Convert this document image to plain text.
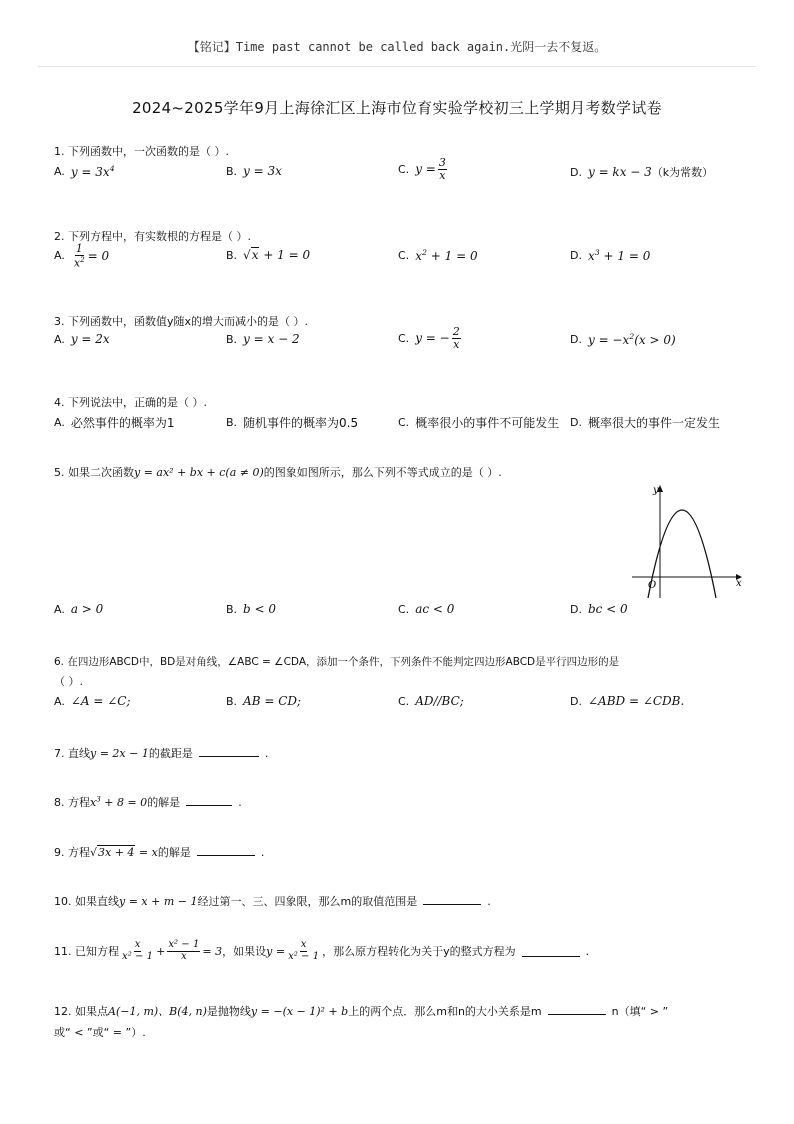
【铭记】Time past cannot be called back again.光阴一去不复返。
2024~2025学年9月上海徐汇区上海市位育实验学校初三上学期月考数学试卷
1. 下列函数中，一次函数的是（ ）.
A. $y = 3x^4$	B. y = 3x	C. $y = \frac{3}{x}$	D. y = kx − 3 （k为常数）
2. 下列方程中，有实数根的方程是（ ）.
A. $\frac{1}{x^2} = 0$	B. √x + 1 = 0	C. $x^2 + 1 = 0$	D. $x^3 + 1 = 0$
3. 下列函数中，函数值y随x的增大而减小的是（ ）.
A. y = 2x	B. y = x − 2	C. y = − $\frac{2}{x}$	D. $y = -x^2(x > 0)$
4. 下列说法中，正确的是（ ）.
A. 必然事件的概率为1	B. 随机事件的概率为0.5	C. 概率很小的事件不可能发生 D. 概率很大的事件一定发生
5. 如果二次函数y = ax² + bx + c(a ≠ 0)的图象如图所示，那么下列不等式成立的是（ ）.
y
x
O
A. a > 0	B. b < 0	C. ac < 0	D. bc < 0
6. 在四边形ABCD中，BD是对角线，∠ABC = ∠CDA，添加一个条件，下列条件不能判定四边形ABCD是平行四边形的是
（ ）.
A. ∠A = ∠C;	B. AB = CD;	C. AD//BC;	D. ∠ABD = ∠CDB.
7. 直线y = 2x − 1的截距是	.
8. 方程$x^3 + 8 = 0$的解是	.
9. 方程√3x + 4 = x的解是	.
10. 如果直线y = x + m − 1经过第一、三、四象限，那么m的取值范围是	.
11. 已知方程 $\frac{x}{\text{x² − 1}} + \frac{\text{x² − 1}}{x} = 3$ ，如果设 $y = \frac{x}{\text{x² − 1}}$ ，那么原方程转化为关于y的整式方程为	.
12. 如果点A(−1, m)、B(4, n)是抛物线y = −(x − 1)² + b上的两个点．那么m和n的大小关系是m	n（填“ > ”
或“ < ”或“ = ”）.
